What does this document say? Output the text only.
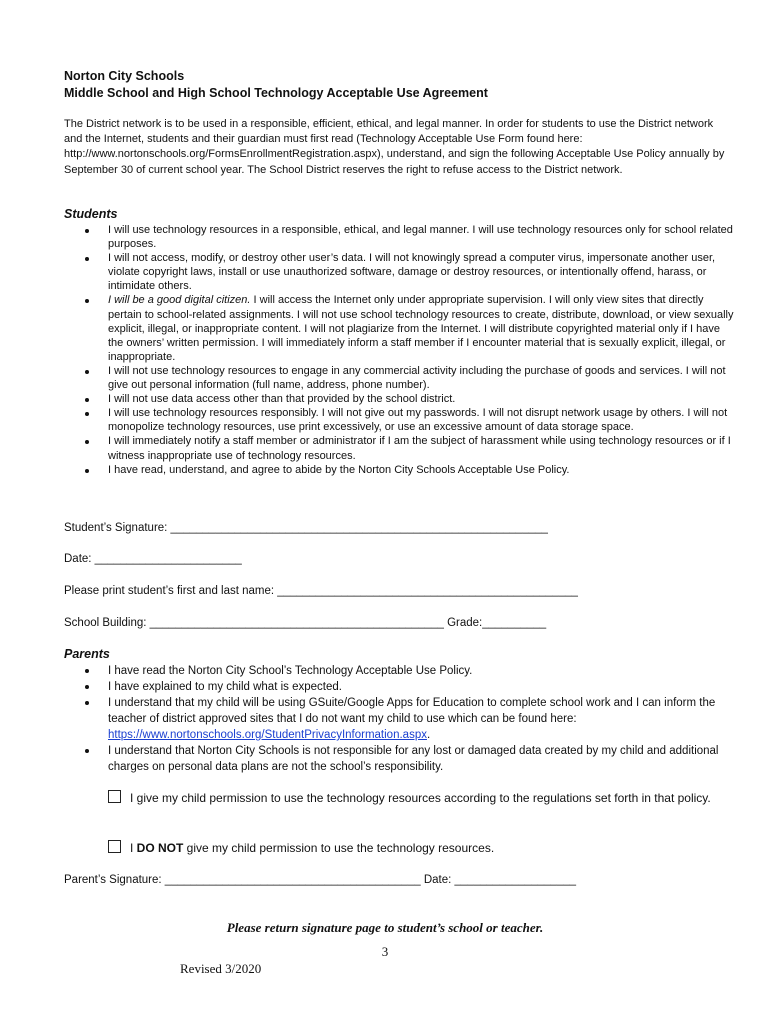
Norton City Schools

Middle School and High School Technology Acceptable Use Agreement

The District network is to be used in a responsible, efficient, ethical, and legal manner. In order for students to use the District network and the Internet, students and their guardian must first read (Technology Acceptable Use Form found here: http://www.nortonschools.org/FormsEnrollmentRegistration.aspx), understand, and sign the following Acceptable Use Policy annually by September 30 of current school year. The School District reserves the right to refuse access to the District network.

Students

I will use technology resources in a responsible, ethical, and legal manner. I will use technology resources only for school related purposes.
I will not access, modify, or destroy other user’s data. I will not knowingly spread a computer virus, impersonate another user, violate copyright laws, install or use unauthorized software, damage or destroy resources, or intentionally offend, harass, or intimidate others.
I will be a good digital citizen. I will access the Internet only under appropriate supervision. I will only view sites that directly pertain to school-related assignments. I will not use school technology resources to create, distribute, download, or view sexually explicit, illegal, or inappropriate content. I will not plagiarize from the Internet. I will distribute copyrighted material only if I have the owners’ written permission. I will immediately inform a staff member if I encounter material that is sexually explicit, illegal, or inappropriate.
I will not use technology resources to engage in any commercial activity including the purchase of goods and services. I will not give out personal information (full name, address, phone number).
I will not use data access other than that provided by the school district.
I will use technology resources responsibly. I will not give out my passwords. I will not disrupt network usage by others. I will not monopolize technology resources, use print excessively, or use an excessive amount of data storage space.
I will immediately notify a staff member or administrator if I am the subject of harassment while using technology resources or if I witness inappropriate use of technology resources.
I have read, understand, and agree to abide by the Norton City Schools Acceptable Use Policy.

Student’s Signature: ___________________________________________________________

Date: _______________________

Please print student’s first and last name: _______________________________________________

School Building: ______________________________________________ Grade:__________

Parents

I have read the Norton City School’s Technology Acceptable Use Policy.
I have explained to my child what is expected.
I understand that my child will be using GSuite/Google Apps for Education to complete school work and I can inform the teacher of district approved sites that I do not want my child to use which can be found here: https://www.nortonschools.org/StudentPrivacyInformation.aspx.
I understand that Norton City Schools is not responsible for any lost or damaged data created by my child and additional charges on personal data plans are not the school’s responsibility.

I give my child permission to use the technology resources according to the regulations set forth in that policy.

I DO NOT give my child permission to use the technology resources.

Parent’s Signature: ________________________________________ Date: ___________________

Please return signature page to student’s school or teacher.

3

Revised 3/2020
